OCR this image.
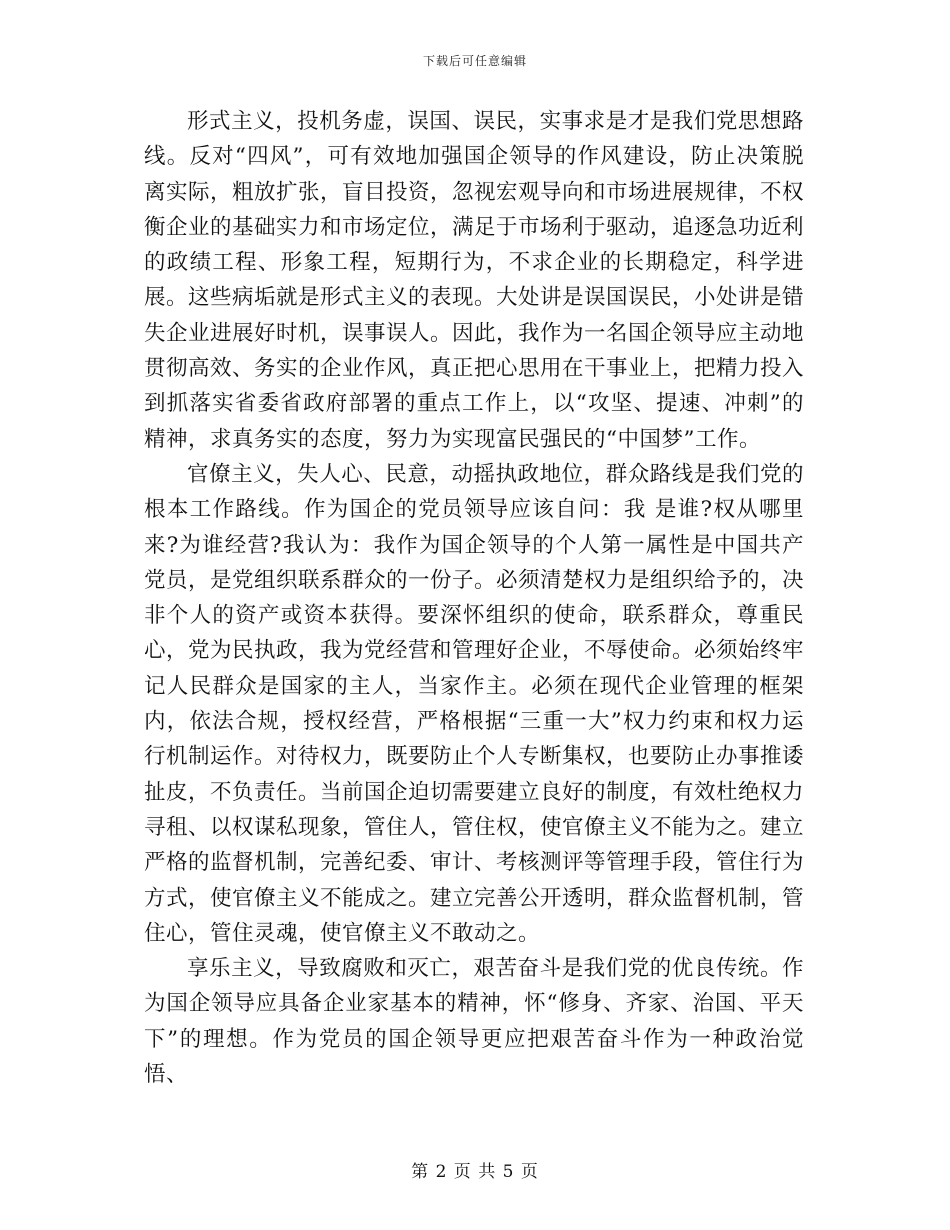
下载后可任意编辑

形式主义，投机务虚，误国、误民，实事求是才是我们党思想路线。反对“四风”，可有效地加强国企领导的作风建设，防止决策脱离实际，粗放扩张，盲目投资，忽视宏观导向和市场进展规律，不权衡企业的基础实力和市场定位，满足于市场利于驱动，追逐急功近利的政绩工程、形象工程，短期行为，不求企业的长期稳定，科学进展。这些病垢就是形式主义的表现。大处讲是误国误民，小处讲是错失企业进展好时机，误事误人。因此，我作为一名国企领导应主动地贯彻高效、务实的企业作风，真正把心思用在干事业上，把精力投入到抓落实省委省政府部署的重点工作上，以“攻坚、提速、冲刺”的精神，求真务实的态度，努力为实现富民强民的“中国梦”工作。

官僚主义，失人心、民意，动摇执政地位，群众路线是我们党的根本工作路线。作为国企的党员领导应该自问：我 是谁?权从哪里来?为谁经营?我认为：我作为国企领导的个人第一属性是中国共产党员，是党组织联系群众的一份子。必须清楚权力是组织给予的，决非个人的资产或资本获得。要深怀组织的使命，联系群众，尊重民心，党为民执政，我为党经营和管理好企业，不辱使命。必须始终牢记人民群众是国家的主人，当家作主。必须在现代企业管理的框架内，依法合规，授权经营，严格根据“三重一大”权力约束和权力运行机制运作。对待权力，既要防止个人专断集权，也要防止办事推诿扯皮，不负责任。当前国企迫切需要建立良好的制度，有效杜绝权力寻租、以权谋私现象，管住人，管住权，使官僚主义不能为之。建立严格的监督机制，完善纪委、审计、考核测评等管理手段，管住行为方式，使官僚主义不能成之。建立完善公开透明，群众监督机制，管住心，管住灵魂，使官僚主义不敢动之。

享乐主义，导致腐败和灭亡，艰苦奋斗是我们党的优良传统。作为国企领导应具备企业家基本的精神，怀“修身、齐家、治国、平天下”的理想。作为党员的国企领导更应把艰苦奋斗作为一种政治觉悟、

第 2 页 共 5 页
